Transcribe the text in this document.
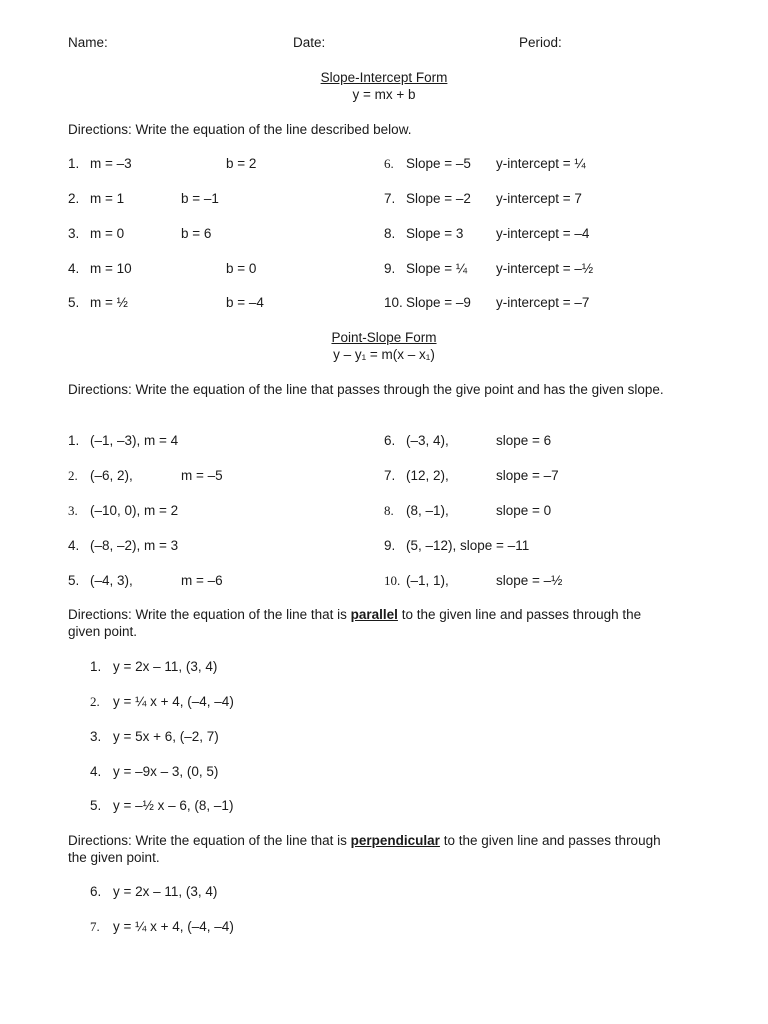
Name:	Date:	Period:
Slope-Intercept Form
y = mx + b
Directions: Write the equation of the line described below.
1. m = –3	b = 2
2. m = 1	b = –1
3. m = 0	b = 6
4. m = 10	b = 0
5. m = ½	b = –4
6. Slope = –5 y-intercept = ¼
7. Slope = –2 y-intercept = 7
8. Slope = 3 y-intercept = –4
9. Slope = ¼ y-intercept = –½
10. Slope = –9 y-intercept = –7
Point-Slope Form
y – y₁ = m(x – x₁)
Directions: Write the equation of the line that passes through the give point and has the given slope.
1. (–1, –3), m = 4
2. (–6, 2),	m = –5
3. (–10, 0), m = 2
4. (–8, –2), m = 3
5. (–4, 3),	m = –6
6. (–3, 4),	slope = 6
7. (12, 2),	slope = –7
8. (8, –1),	slope = 0
9. (5, –12), slope = –11
10. (–1, 1),	slope = –½
Directions: Write the equation of the line that is parallel to the given line and passes through the given point.
1. y = 2x – 11, (3, 4)
2. y = ¼ x + 4, (–4, –4)
3. y = 5x + 6, (–2, 7)
4. y = –9x – 3, (0, 5)
5. y = –½ x – 6, (8, –1)
Directions: Write the equation of the line that is perpendicular to the given line and passes through the given point.
6. y = 2x – 11, (3, 4)
7. y = ¼ x + 4, (–4, –4)
